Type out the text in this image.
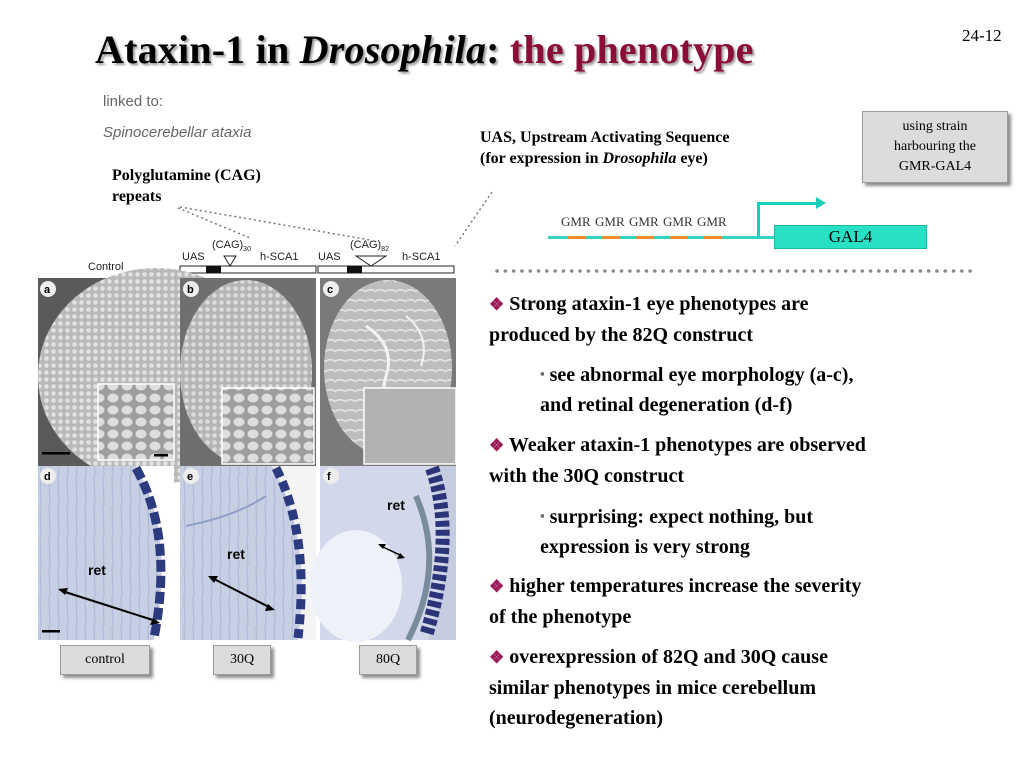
Ataxin-1 in Drosophila: the phenotype	24-12
linked to:
Spinocerebellar ataxia
Polyglutamine (CAG)
repeats
UAS, Upstream Activating Sequence
(for expression in Drosophila eye)
using strain
harbouring the
GMR-GAL4
GMR GMR GMR GMR GMR
GAL4
Control
UAS
$(CAG)_{30}$
h-SCA1 UAS
$(CAG)_{82}$
h-SCA1
a	b	c
d
ret
e
ret
f
ret
control	30Q	80Q
❖ Strong ataxin-1 eye phenotypes are
produced by the 82Q construct
▪ see abnormal eye morphology (a-c),
and retinal degeneration (d-f)
❖ Weaker ataxin-1 phenotypes are observed
with the 30Q construct
▪ surprising: expect nothing, but
expression is very strong
❖ higher temperatures increase the severity
of the phenotype
❖ overexpression of 82Q and 30Q cause
similar phenotypes in mice cerebellum
(neurodegeneration)
